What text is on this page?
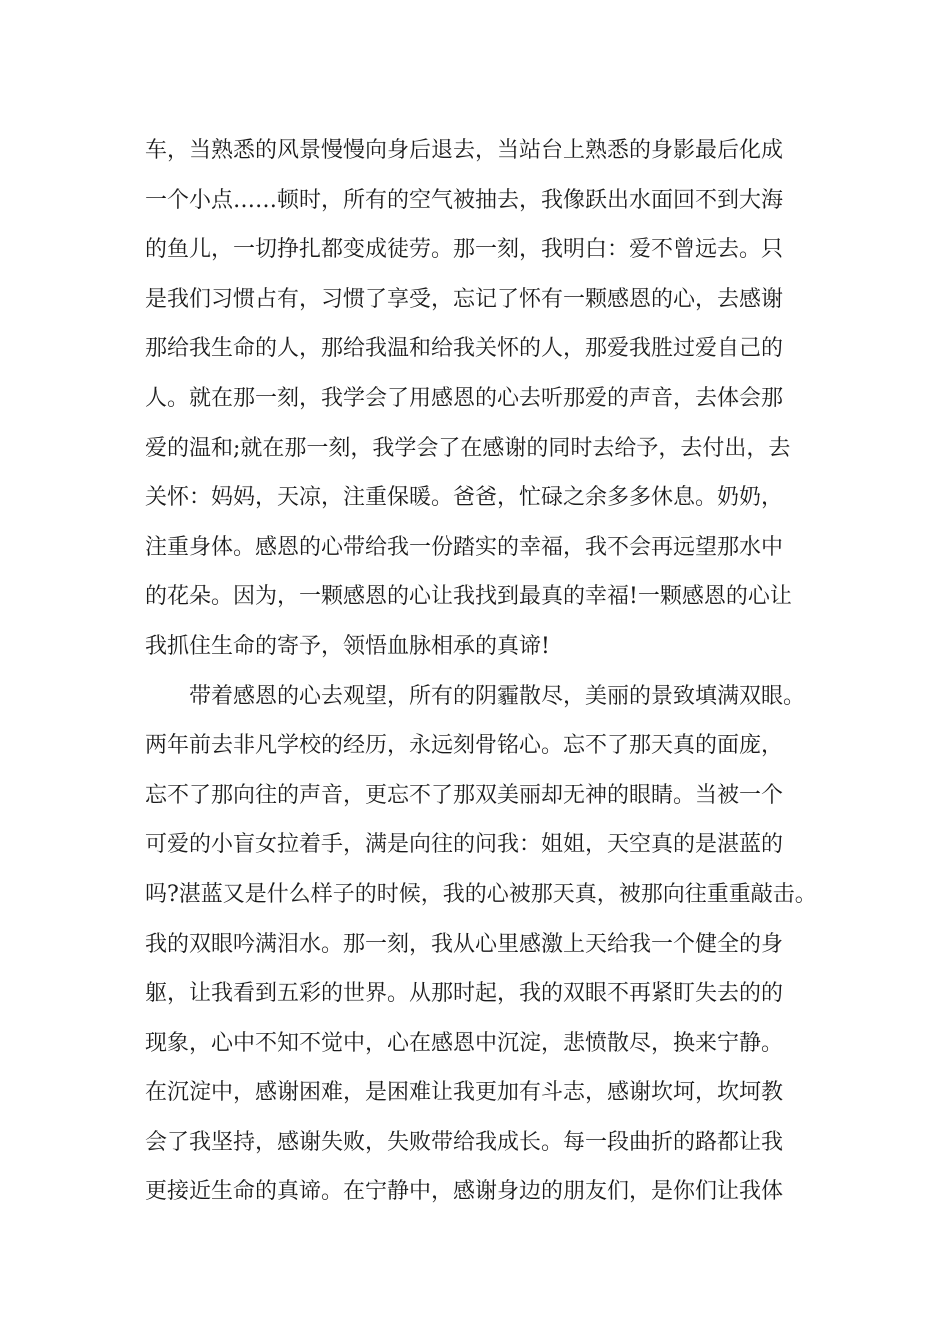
车，当熟悉的风景慢慢向身后退去，当站台上熟悉的身影最后化成
一个小点……顿时，所有的空气被抽去，我像跃出水面回不到大海
的鱼儿，一切挣扎都变成徒劳。那一刻，我明白：爱不曾远去。只
是我们习惯占有，习惯了享受，忘记了怀有一颗感恩的心，去感谢
那给我生命的人，那给我温和给我关怀的人，那爱我胜过爱自己的
人。就在那一刻，我学会了用感恩的心去听那爱的声音，去体会那
爱的温和;就在那一刻，我学会了在感谢的同时去给予，去付出，去
关怀：妈妈，天凉，注重保暖。爸爸，忙碌之余多多休息。奶奶，
注重身体。感恩的心带给我一份踏实的幸福，我不会再远望那水中
的花朵。因为，一颗感恩的心让我找到最真的幸福!一颗感恩的心让
我抓住生命的寄予，领悟血脉相承的真谛!
带着感恩的心去观望，所有的阴霾散尽，美丽的景致填满双眼。
两年前去非凡学校的经历，永远刻骨铭心。忘不了那天真的面庞，
忘不了那向往的声音，更忘不了那双美丽却无神的眼睛。当被一个
可爱的小盲女拉着手，满是向往的问我：姐姐，天空真的是湛蓝的
吗?湛蓝又是什么样子的时候，我的心被那天真，被那向往重重敲击。
我的双眼吟满泪水。那一刻，我从心里感激上天给我一个健全的身
躯，让我看到五彩的世界。从那时起，我的双眼不再紧盯失去的的
现象，心中不知不觉中，心在感恩中沉淀，悲愤散尽，换来宁静。
在沉淀中，感谢困难，是困难让我更加有斗志，感谢坎坷，坎坷教
会了我坚持，感谢失败，失败带给我成长。每一段曲折的路都让我
更接近生命的真谛。在宁静中，感谢身边的朋友们，是你们让我体
